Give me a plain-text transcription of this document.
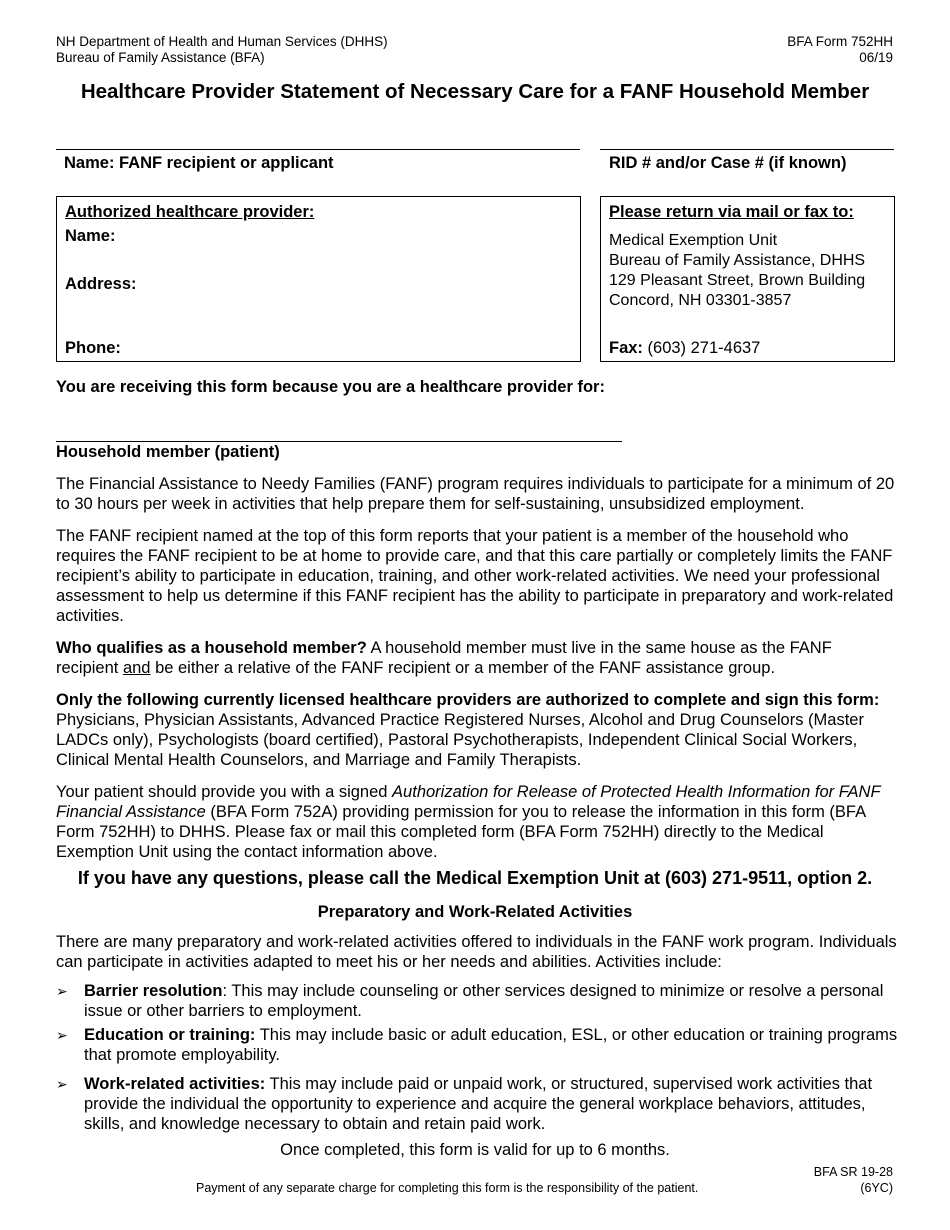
NH Department of Health and Human Services (DHHS)
Bureau of Family Assistance (BFA)
BFA Form 752HH
06/19
Healthcare Provider Statement of Necessary Care for a FANF Household Member
Name: FANF recipient or applicant	RID # and/or Case # (if known)
Authorized healthcare provider:
Name:
Address:
Phone:
Please return via mail or fax to:
Medical Exemption Unit
Bureau of Family Assistance, DHHS
129 Pleasant Street, Brown Building
Concord, NH 03301-3857
Fax: (603) 271-4637
You are receiving this form because you are a healthcare provider for:
Household member (patient)

The Financial Assistance to Needy Families (FANF) program requires individuals to participate for a minimum of 20 to 30 hours per week in activities that help prepare them for self-sustaining, unsubsidized employment.

The FANF recipient named at the top of this form reports that your patient is a member of the household who requires the FANF recipient to be at home to provide care, and that this care partially or completely limits the FANF recipient’s ability to participate in education, training, and other work-related activities. We need your professional assessment to help us determine if this FANF recipient has the ability to participate in preparatory and work-related activities.

Who qualifies as a household member? A household member must live in the same house as the FANF recipient and be either a relative of the FANF recipient or a member of the FANF assistance group.

Only the following currently licensed healthcare providers are authorized to complete and sign this form: Physicians, Physician Assistants, Advanced Practice Registered Nurses, Alcohol and Drug Counselors (Master LADCs only), Psychologists (board certified), Pastoral Psychotherapists, Independent Clinical Social Workers, Clinical Mental Health Counselors, and Marriage and Family Therapists.

Your patient should provide you with a signed Authorization for Release of Protected Health Information for FANF Financial Assistance (BFA Form 752A) providing permission for you to release the information in this form (BFA Form 752HH) to DHHS. Please fax or mail this completed form (BFA Form 752HH) directly to the Medical Exemption Unit using the contact information above.

If you have any questions, please call the Medical Exemption Unit at (603) 271-9511, option 2.
Preparatory and Work-Related Activities
There are many preparatory and work-related activities offered to individuals in the FANF work program. Individuals can participate in activities adapted to meet his or her needs and abilities. Activities include:
➢ Barrier resolution: This may include counseling or other services designed to minimize or resolve a personal issue or other barriers to employment.
➢ Education or training: This may include basic or adult education, ESL, or other education or training programs that promote employability.
➢ Work-related activities: This may include paid or unpaid work, or structured, supervised work activities that provide the individual the opportunity to experience and acquire the general workplace behaviors, attitudes, skills, and knowledge necessary to obtain and retain paid work.
Once completed, this form is valid for up to 6 months.
Payment of any separate charge for completing this form is the responsibility of the patient.
BFA SR 19-28
(6YC)
